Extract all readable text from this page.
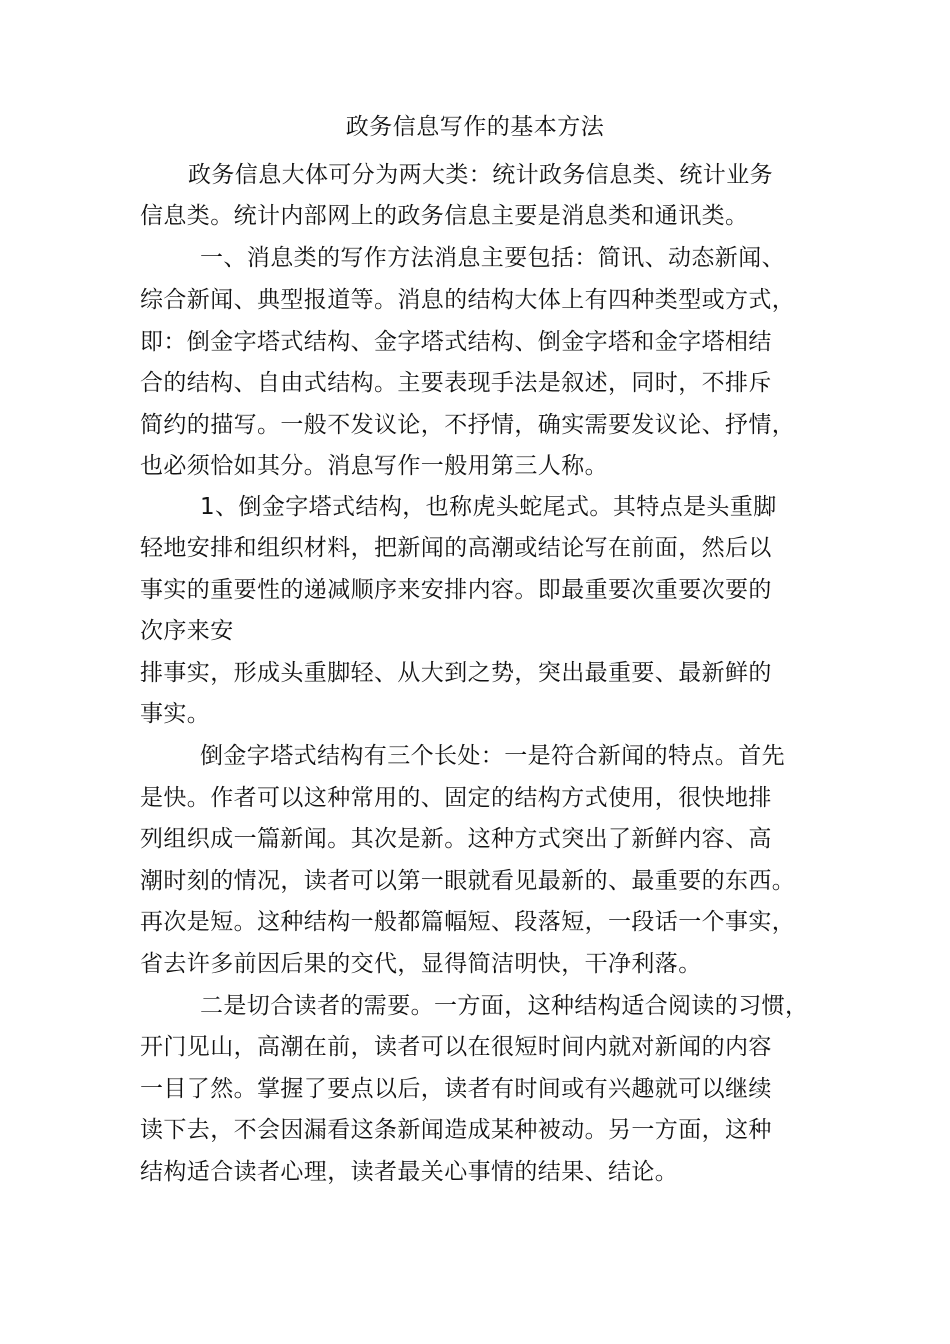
政务信息写作的基本方法
政务信息大体可分为两大类：统计政务信息类、统计业务
信息类。统计内部网上的政务信息主要是消息类和通讯类。
一、消息类的写作方法消息主要包括：简讯、动态新闻、
综合新闻、典型报道等。消息的结构大体上有四种类型或方式，
即：倒金字塔式结构、金字塔式结构、倒金字塔和金字塔相结
合的结构、自由式结构。主要表现手法是叙述，同时，不排斥
简约的描写。一般不发议论，不抒情，确实需要发议论、抒情，
也必须恰如其分。消息写作一般用第三人称。
1、倒金字塔式结构，也称虎头蛇尾式。其特点是头重脚
轻地安排和组织材料，把新闻的高潮或结论写在前面，然后以
事实的重要性的递减顺序来安排内容。即最重要次重要次要的
次序来安
排事实，形成头重脚轻、从大到之势，突出最重要、最新鲜的
事实。
倒金字塔式结构有三个长处：一是符合新闻的特点。首先
是快。作者可以这种常用的、固定的结构方式使用，很快地排
列组织成一篇新闻。其次是新。这种方式突出了新鲜内容、高
潮时刻的情况，读者可以第一眼就看见最新的、最重要的东西。
再次是短。这种结构一般都篇幅短、段落短，一段话一个事实，
省去许多前因后果的交代，显得简洁明快，干净利落。
二是切合读者的需要。一方面，这种结构适合阅读的习惯，
开门见山，高潮在前，读者可以在很短时间内就对新闻的内容
一目了然。掌握了要点以后，读者有时间或有兴趣就可以继续
读下去，不会因漏看这条新闻造成某种被动。另一方面，这种
结构适合读者心理，读者最关心事情的结果、结论。
